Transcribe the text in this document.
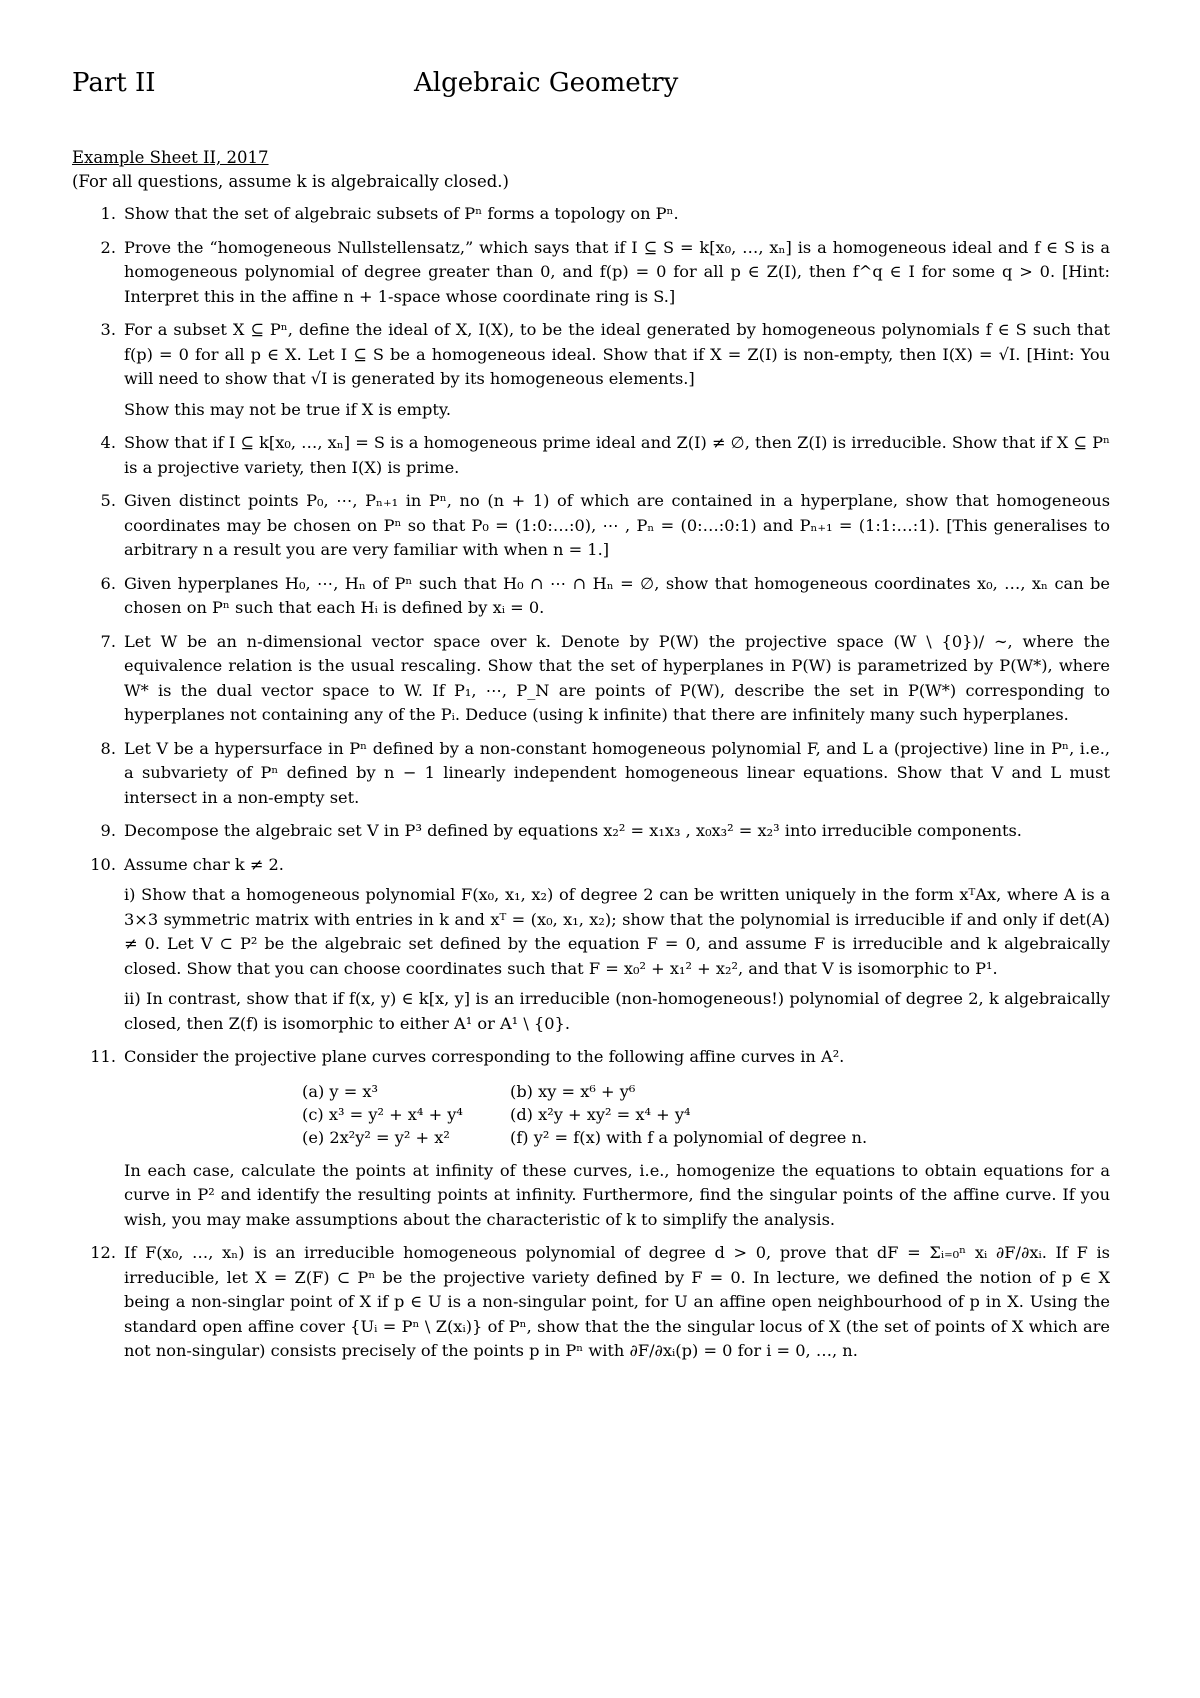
Part II	Algebraic Geometry
Example Sheet II, 2017
(For all questions, assume k is algebraically closed.)
1. Show that the set of algebraic subsets of Pⁿ forms a topology on Pⁿ.
2. Prove the “homogeneous Nullstellensatz,” which says that if I ⊆ S = k[x₀, …, xₙ] is a homogeneous ideal and f ∈ S is a homogeneous polynomial of degree greater than 0, and f(p) = 0 for all p ∈ Z(I), then f^q ∈ I for some q > 0. [Hint: Interpret this in the affine n + 1-space whose coordinate ring is S.]
3. For a subset X ⊆ Pⁿ, define the ideal of X, I(X), to be the ideal generated by homogeneous polynomials f ∈ S such that f(p) = 0 for all p ∈ X. Let I ⊆ S be a homogeneous ideal. Show that if X = Z(I) is non-empty, then I(X) = √I. [Hint: You will need to show that √I is generated by its homogeneous elements.]
Show this may not be true if X is empty.
4. Show that if I ⊆ k[x₀, …, xₙ] = S is a homogeneous prime ideal and Z(I) ≠ ∅, then Z(I) is irreducible. Show that if X ⊆ Pⁿ is a projective variety, then I(X) is prime.
5. Given distinct points P₀, ⋯, Pₙ₊₁ in Pⁿ, no (n + 1) of which are contained in a hyperplane, show that homogeneous coordinates may be chosen on Pⁿ so that P₀ = (1:0:…:0), ⋯ , Pₙ = (0:…:0:1) and Pₙ₊₁ = (1:1:…:1). [This generalises to arbitrary n a result you are very familiar with when n = 1.]
6. Given hyperplanes H₀, ⋯, Hₙ of Pⁿ such that H₀ ∩ ⋯ ∩ Hₙ = ∅, show that homogeneous coordinates x₀, …, xₙ can be chosen on Pⁿ such that each Hᵢ is defined by xᵢ = 0.
7. Let W be an n-dimensional vector space over k. Denote by P(W) the projective space (W \ {0})/ ∼, where the equivalence relation is the usual rescaling. Show that the set of hyperplanes in P(W) is parametrized by P(W*), where W* is the dual vector space to W. If P₁, ⋯, P_N are points of P(W), describe the set in P(W*) corresponding to hyperplanes not containing any of the Pᵢ. Deduce (using k infinite) that there are infinitely many such hyperplanes.
8. Let V be a hypersurface in Pⁿ defined by a non-constant homogeneous polynomial F, and L a (projective) line in Pⁿ, i.e., a subvariety of Pⁿ defined by n − 1 linearly independent homogeneous linear equations. Show that V and L must intersect in a non-empty set.
9. Decompose the algebraic set V in P³ defined by equations x₂² = x₁x₃ , x₀x₃² = x₂³ into irreducible components.
10. Assume char k ≠ 2.
i) Show that a homogeneous polynomial F(x₀, x₁, x₂) of degree 2 can be written uniquely in the form xᵀAx, where A is a 3×3 symmetric matrix with entries in k and xᵀ = (x₀, x₁, x₂); show that the polynomial is irreducible if and only if det(A) ≠ 0. Let V ⊂ P² be the algebraic set defined by the equation F = 0, and assume F is irreducible and k algebraically closed. Show that you can choose coordinates such that F = x₀² + x₁² + x₂², and that V is isomorphic to P¹.
ii) In contrast, show that if f(x, y) ∈ k[x, y] is an irreducible (non-homogeneous!) polynomial of degree 2, k algebraically closed, then Z(f) is isomorphic to either A¹ or A¹ \ {0}.
11. Consider the projective plane curves corresponding to the following affine curves in A².
(a) y = x³	(b) xy = x⁶ + y⁶
(c) x³ = y² + x⁴ + y⁴	(d) x²y + xy² = x⁴ + y⁴
(e) 2x²y² = y² + x²	(f) y² = f(x) with f a polynomial of degree n.
In each case, calculate the points at infinity of these curves, i.e., homogenize the equations to obtain equations for a curve in P² and identify the resulting points at infinity. Furthermore, find the singular points of the affine curve. If you wish, you may make assumptions about the characteristic of k to simplify the analysis.
12. If F(x₀, …, xₙ) is an irreducible homogeneous polynomial of degree d > 0, prove that dF = Σᵢ₌₀ⁿ xᵢ ∂F/∂xᵢ. If F is irreducible, let X = Z(F) ⊂ Pⁿ be the projective variety defined by F = 0. In lecture, we defined the notion of p ∈ X being a non-singlar point of X if p ∈ U is a non-singular point, for U an affine open neighbourhood of p in X. Using the standard open affine cover {Uᵢ = Pⁿ \ Z(xᵢ)} of Pⁿ, show that the the singular locus of X (the set of points of X which are not non-singular) consists precisely of the points p in Pⁿ with ∂F/∂xᵢ(p) = 0 for i = 0, …, n.
